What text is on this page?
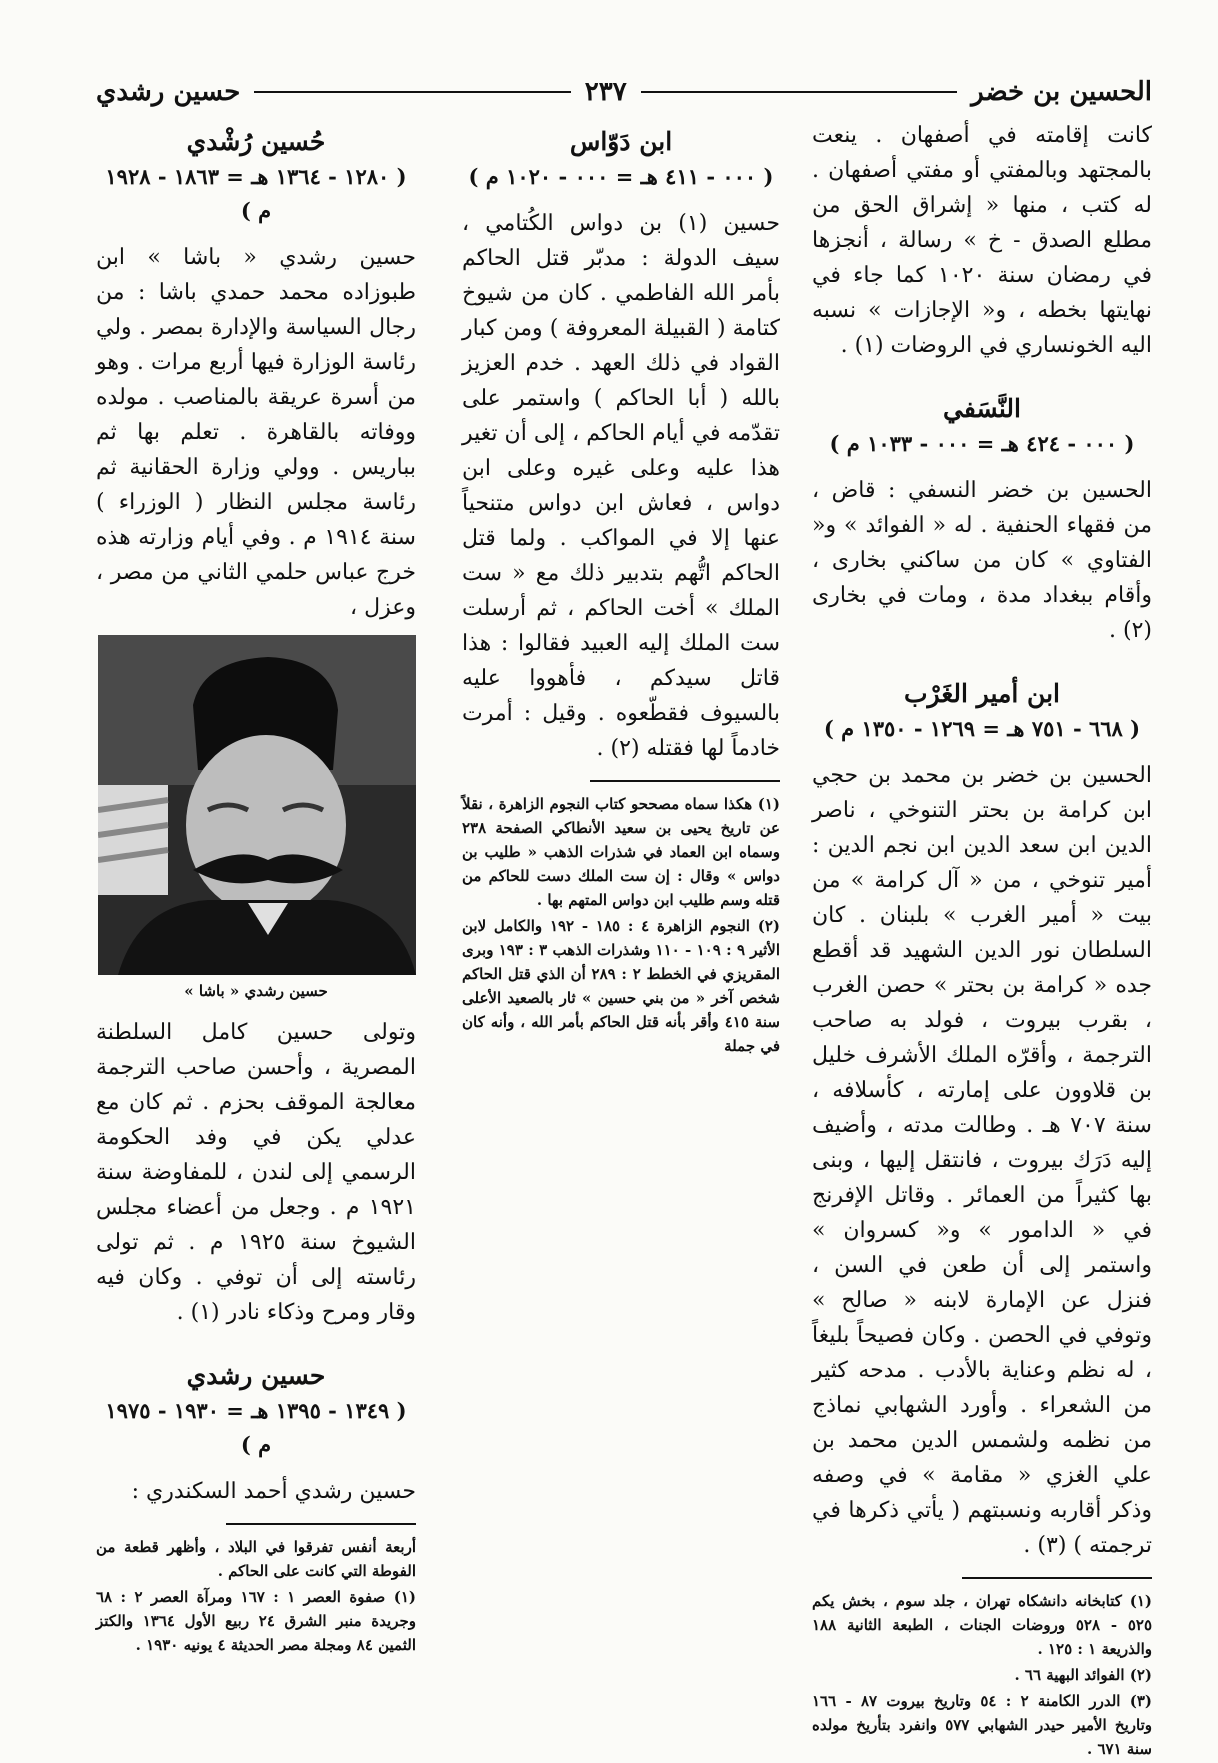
الحسين بن خضر
٢٣٧
حسين رشدي

كانت إقامته في أصفهان . ينعت بالمجتهد وبالمفتي أو مفتي أصفهان . له كتب ، منها « إشراق الحق من مطلع الصدق - خ » رسالة ، أنجزها في رمضان سنة ١٠٢٠ كما جاء في نهايتها بخطه ، و« الإجازات » نسبه اليه الخونساري في الروضات (١) .

النَّسَفي
( ٠٠٠ - ٤٢٤ هـ = ٠٠٠ - ١٠٣٣ م )

الحسين بن خضر النسفي : قاض ، من فقهاء الحنفية . له « الفوائد » و« الفتاوي » كان من ساكني بخارى ، وأقام ببغداد مدة ، ومات في بخارى (٢) .

ابن أمير الغَرْب
( ٦٦٨ - ٧٥١ هـ = ١٢٦٩ - ١٣٥٠ م )

الحسين بن خضر بن محمد بن حجي ابن كرامة بن بحتر التنوخي ، ناصر الدين ابن سعد الدين ابن نجم الدين : أمير تنوخي ، من « آل كرامة » من بيت « أمير الغرب » بلبنان . كان السلطان نور الدين الشهيد قد أقطع جده « كرامة بن بحتر » حصن الغرب ، بقرب بيروت ، فولد به صاحب الترجمة ، وأقرّه الملك الأشرف خليل بن قلاوون على إمارته ، كأسلافه ، سنة ٧٠٧ هـ . وطالت مدته ، وأضيف إليه دَرَك بيروت ، فانتقل إليها ، وبنى بها كثيراً من العمائر . وقاتل الإفرنج في « الدامور » و« كسروان » واستمر إلى أن طعن في السن ، فنزل عن الإمارة لابنه « صالح » وتوفي في الحصن . وكان فصيحاً بليغاً ، له نظم وعناية بالأدب . مدحه كثير من الشعراء . وأورد الشهابي نماذج من نظمه ولشمس الدين محمد بن علي الغزي « مقامة » في وصفه وذكر أقاربه ونسبتهم ( يأتي ذكرها في ترجمته ) (٣) .

(١) كتابخانه دانشكاه تهران ، جلد سوم ، بخش يكم ٥٢٥ - ٥٢٨ وروضات الجنات ، الطبعة الثانية ١٨٨ والذريعة ١ : ١٢٥ .

(٢) الفوائد البهية ٦٦ .

(٣) الدرر الكامنة ٢ : ٥٤ وتاريخ بيروت ٨٧ - ١٦٦ وتاريخ الأمير حيدر الشهابي ٥٧٧ وانفرد بتأريخ مولده سنة ٦٧١ .

ابن دَوّاس
( ٠٠٠ - ٤١١ هـ = ٠٠٠ - ١٠٢٠ م )

حسين (١) بن دواس الكُتامي ، سيف الدولة : مدبّر قتل الحاكم بأمر الله الفاطمي . كان من شيوخ كتامة ( القبيلة المعروفة ) ومن كبار القواد في ذلك العهد . خدم العزيز بالله ( أبا الحاكم ) واستمر على تقدّمه في أيام الحاكم ، إلى أن تغير هذا عليه وعلى غيره وعلى ابن دواس ، فعاش ابن دواس متنحياً عنها إلا في المواكب . ولما قتل الحاكم اتُّهم بتدبير ذلك مع « ست الملك » أخت الحاكم ، ثم أرسلت ست الملك إليه العبيد فقالوا : هذا قاتل سيدكم ، فأهووا عليه بالسيوف فقطّعوه . وقيل : أمرت خادماً لها فقتله (٢) .

(١) هكذا سماه مصححو كتاب النجوم الزاهرة ، نقلاً عن تاريخ يحيى بن سعيد الأنطاكي الصفحة ٢٣٨ وسماه ابن العماد في شذرات الذهب « طليب بن دواس » وقال : إن ست الملك دست للحاكم من قتله وسم طليب ابن دواس المتهم بها .

(٢) النجوم الزاهرة ٤ : ١٨٥ - ١٩٢ والكامل لابن الأثير ٩ : ١٠٩ - ١١٠ وشذرات الذهب ٣ : ١٩٣ وبرى المقريزي في الخطط ٢ : ٢٨٩ أن الذي قتل الحاكم شخص آخر « من بني حسين » ثار بالصعيد الأعلى سنة ٤١٥ وأقر بأنه قتل الحاكم بأمر الله ، وأنه كان في جملة

حُسين رُشْدي
( ١٢٨٠ - ١٣٦٤ هـ = ١٨٦٣ - ١٩٢٨ م )

حسين رشدي « باشا » ابن طبوزاده محمد حمدي باشا : من رجال السياسة والإدارة بمصر . ولي رئاسة الوزارة فيها أربع مرات . وهو من أسرة عريقة بالمناصب . مولده ووفاته بالقاهرة . تعلم بها ثم بباريس . وولي وزارة الحقانية ثم رئاسة مجلس النظار ( الوزراء ) سنة ١٩١٤ م . وفي أيام وزارته هذه خرج عباس حلمي الثاني من مصر ، وعزل ،

حسين رشدي « باشا »

وتولى حسين كامل السلطنة المصرية ، وأحسن صاحب الترجمة معالجة الموقف بحزم . ثم كان مع عدلي يكن في وفد الحكومة الرسمي إلى لندن ، للمفاوضة سنة ١٩٢١ م . وجعل من أعضاء مجلس الشيوخ سنة ١٩٢٥ م . ثم تولى رئاسته إلى أن توفي . وكان فيه وقار ومرح وذكاء نادر (١) .

حسين رشدي
( ١٣٤٩ - ١٣٩٥ هـ = ١٩٣٠ - ١٩٧٥ م )

حسين رشدي أحمد السكندري :

أربعة أنفس تفرقوا في البلاد ، وأظهر قطعة من الفوطة التي كانت على الحاكم .

(١) صفوة العصر ١ : ١٦٧ ومرآة العصر ٢ : ٦٨ وجريدة منبر الشرق ٢٤ ربيع الأول ١٣٦٤ والكتز الثمين ٨٤ ومجلة مصر الحديثة ٤ يونيه ١٩٣٠ .
